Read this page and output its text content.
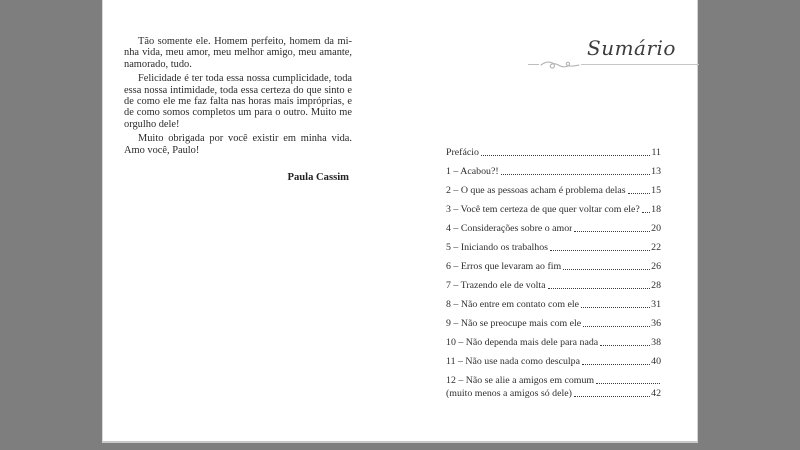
Tão somente ele. Homem perfeito, homem da minha vida, meu amor, meu melhor amigo, meu amante, namorado, tudo.

Felicidade é ter toda essa nossa cumplicidade, toda essa nossa intimidade, toda essa certeza do que sinto e de como ele me faz falta nas horas mais impróprias, e de como somos completos um para o outro. Muito me orgulho dele!

Muito obrigada por você existir em minha vida. Amo você, Paulo!

Paula Cassim
Sumário
Prefácio	11
1 – Acabou?!	13
2 – O que as pessoas acham é problema delas	15
3 – Você tem certeza de que quer voltar com ele? 18
4 – Considerações sobre o amor	20
5 – Iniciando os trabalhos	22
6 – Erros que levaram ao fim	26
7 – Trazendo ele de volta	28
8 – Não entre em contato com ele	31
9 – Não se preocupe mais com ele	36
10 – Não dependa mais dele para nada	38
11 – Não use nada como desculpa	40
12 – Não se alie a amigos em comum
(muito menos a amigos só dele)	42
